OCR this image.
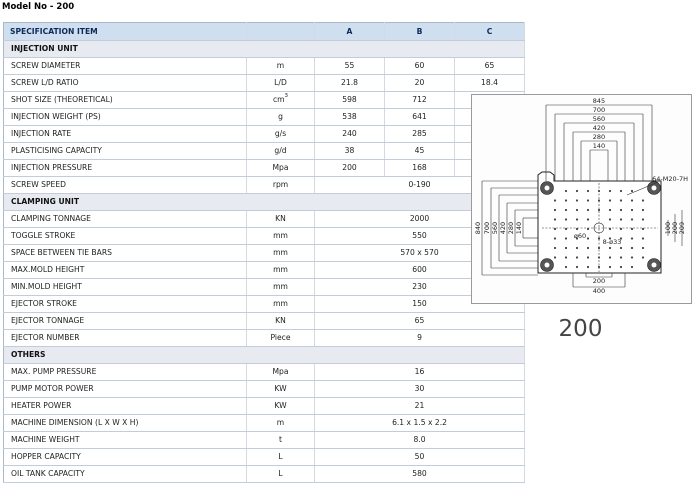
Model No - 200
SPECIFICATION ITEM		A	B	C
INJECTION UNIT				
SCREW DIAMETER	m	55	60	65
SCREW L/D RATIO	L/D	21.8	20	18.4
SHOT SIZE (THEORETICAL)	$cm^3$	598	712	
INJECTION WEIGHT (PS)	g	538	641	
INJECTION RATE	g/s	240	285	
PLASTICISING CAPACITY	g/d	38	45	
INJECTION PRESSURE	Mpa	200	168	
SCREW SPEED	rpm	0-190		
CLAMPING UNIT				
CLAMPING TONNAGE	KN	2000		
TOGGLE STROKE	mm	550		
SPACE BETWEEN TIE BARS	mm	570 x 570		
MAX.MOLD HEIGHT	mm	600		
MIN.MOLD HEIGHT	mm	230		
EJECTOR STROKE	mm	150		
EJECTOR TONNAGE	KN	65		
EJECTOR NUMBER	Piece	9		
OTHERS				
MAX. PUMP PRESSURE	Mpa	16		
PUMP MOTOR POWER	KW	30		
HEATER POWER	KW	21		
MACHINE DIMENSION (L X W X H)	m	6.1 x 1.5 x 2.2		
MACHINE WEIGHT	t	8.0		
HOPPER CAPACITY	L	50		
OIL TANK CAPACITY	L	580		
845
700
560
420
280
140
840 700 560 420 280 140	100 200 209
200
400
64-M20-7H
ø60
8-ø33
200
